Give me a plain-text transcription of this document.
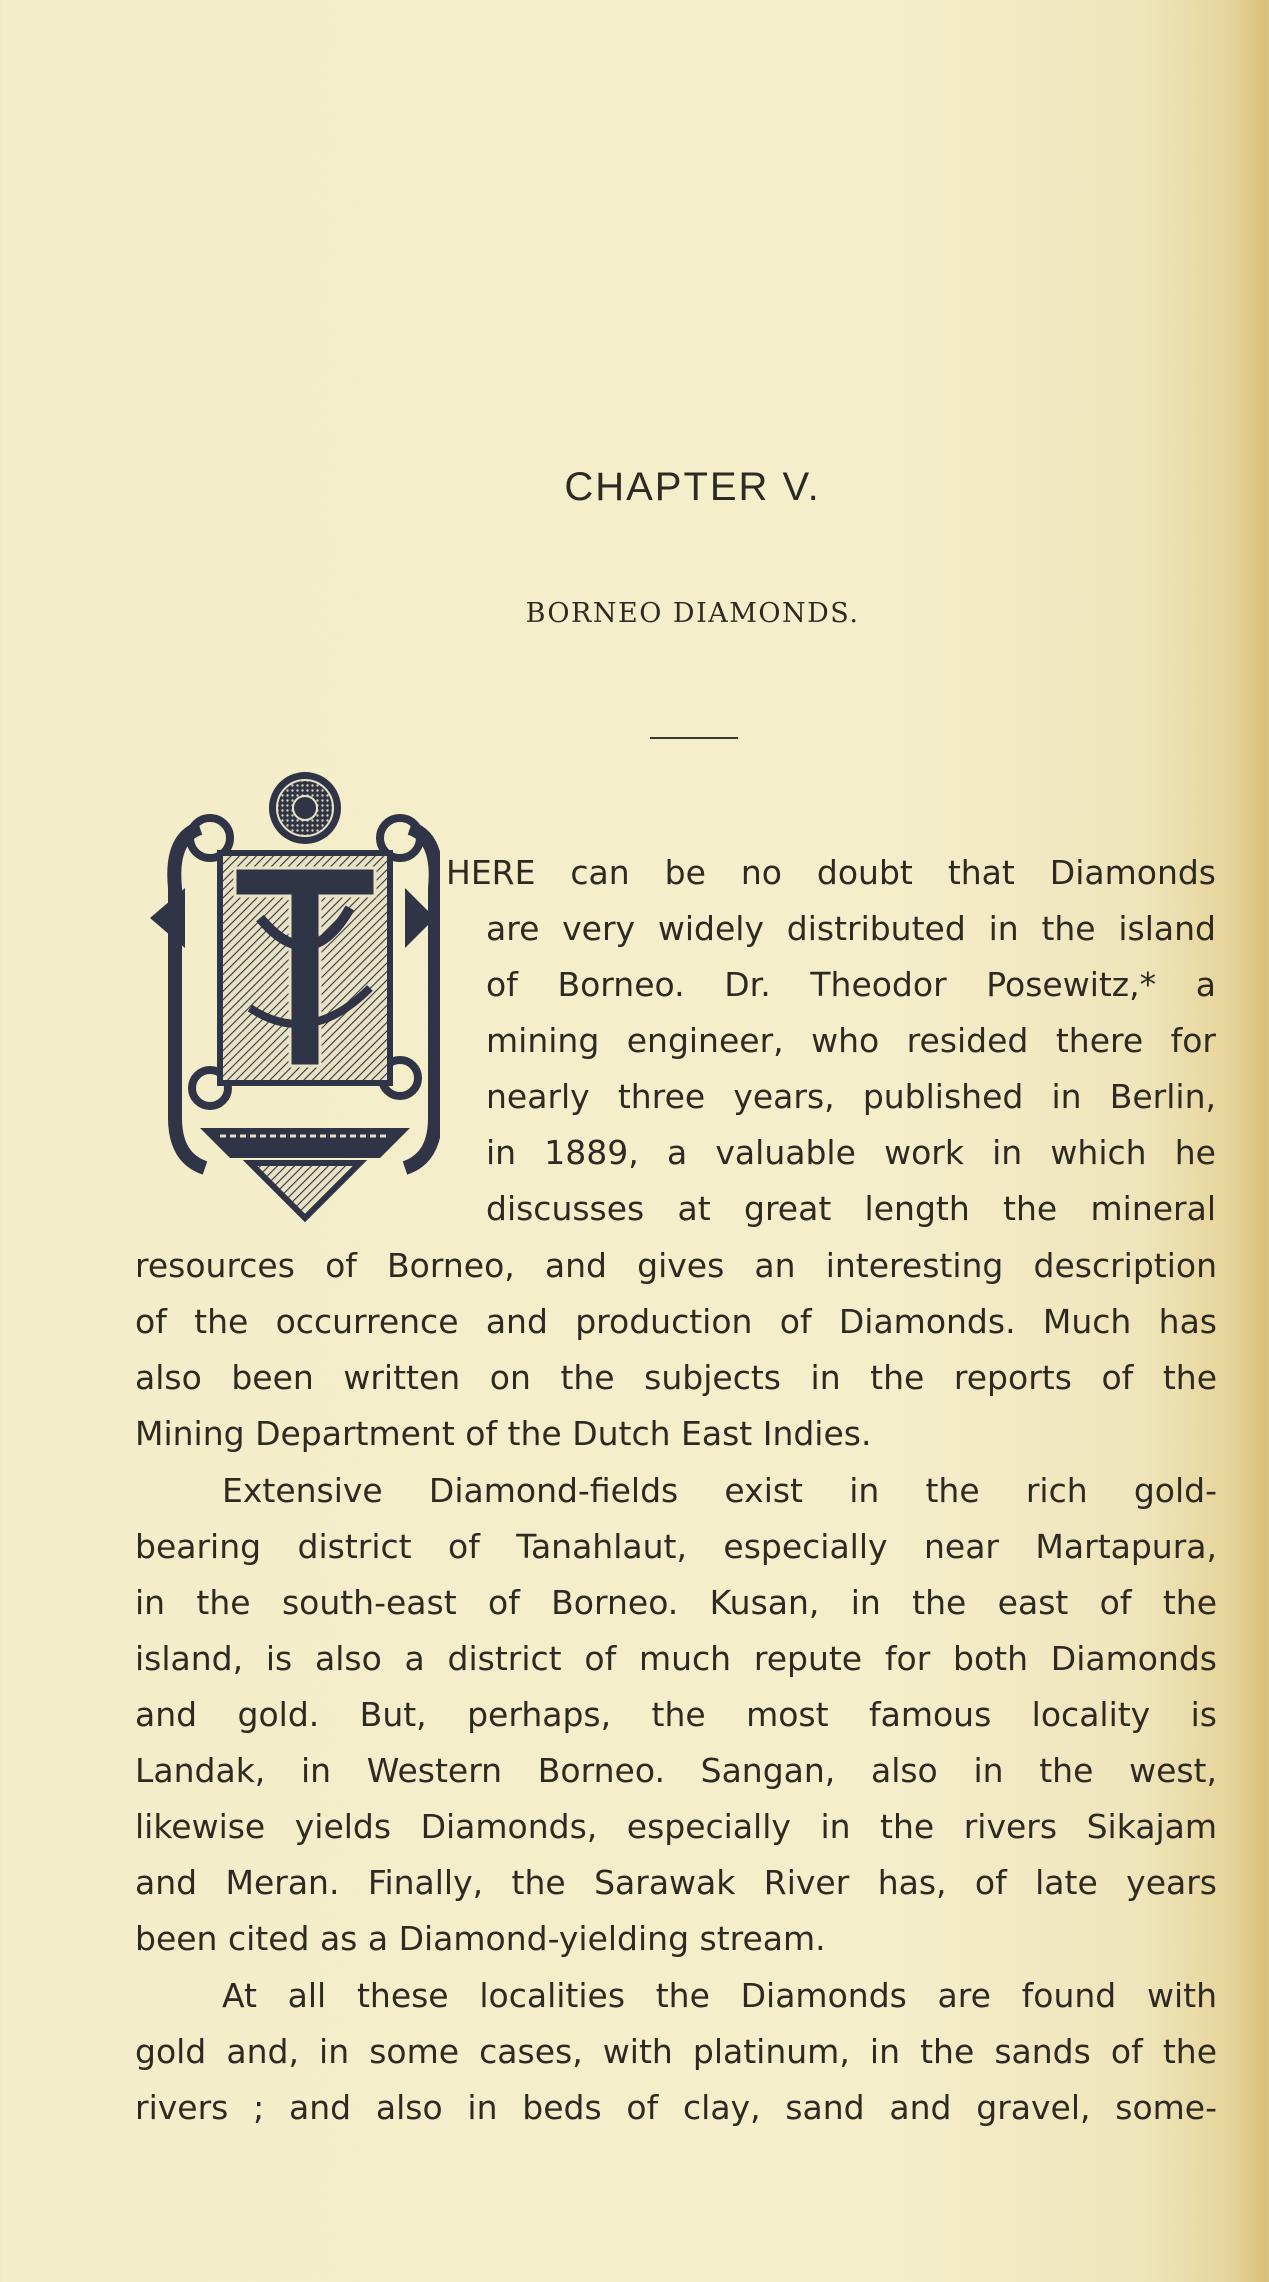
CHAPTER V.
BORNEO DIAMONDS.
HERE can be no doubt that Diamonds
are very widely distributed in the island
of Borneo. Dr. Theodor Posewitz,* a
mining engineer, who resided there for
nearly three years, published in Berlin,
in 1889, a valuable work in which he
discusses at great length the mineral
resources of Borneo, and gives an interesting description
of the occurrence and production of Diamonds. Much has
also been written on the subjects in the reports of the
Mining Department of the Dutch East Indies.
Extensive Diamond-fields exist in the rich gold-
bearing district of Tanahlaut, especially near Martapura,
in the south-east of Borneo. Kusan, in the east of the
island, is also a district of much repute for both Diamonds
and gold. But, perhaps, the most famous locality is
Landak, in Western Borneo. Sangan, also in the west,
likewise yields Diamonds, especially in the rivers Sikajam
and Meran. Finally, the Sarawak River has, of late years
been cited as a Diamond-yielding stream.
At all these localities the Diamonds are found with
gold and, in some cases, with platinum, in the sands of the
rivers ; and also in beds of clay, sand and gravel, some-
